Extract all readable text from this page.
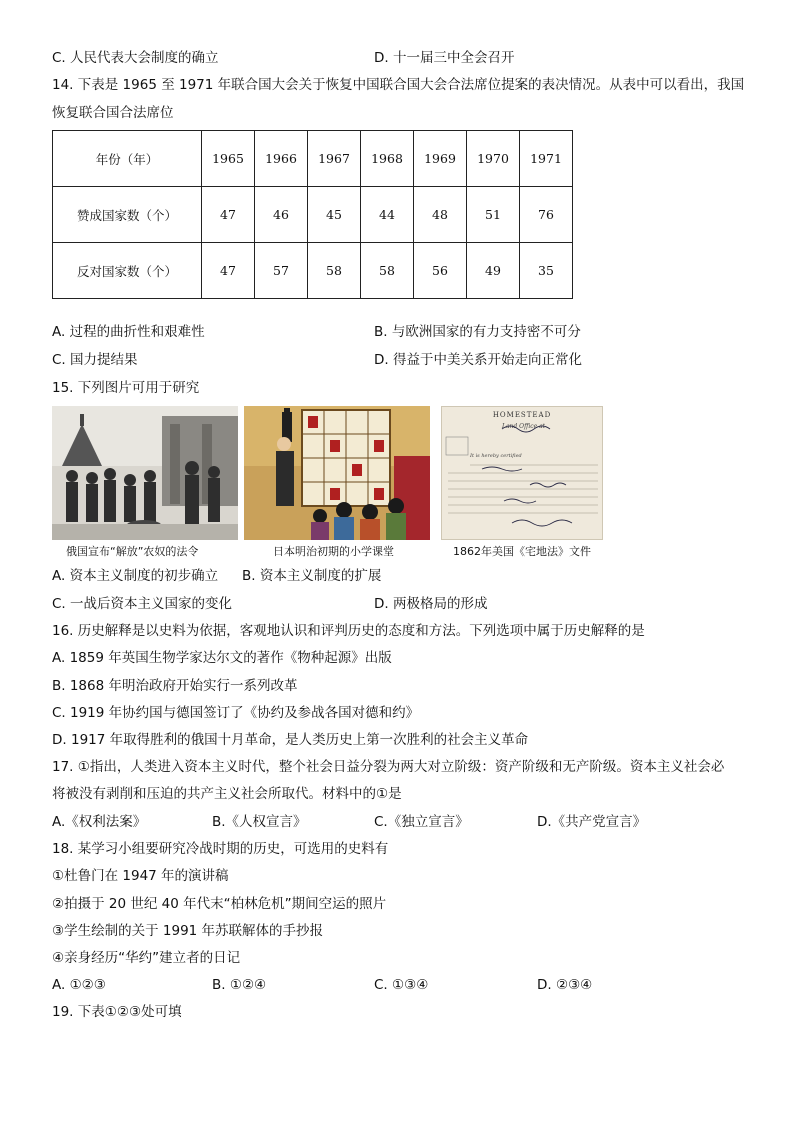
C. 人民代表大会制度的确立	D. 十一届三中全会召开
14. 下表是 1965 至 1971 年联合国大会关于恢复中国联合国大会合法席位提案的表决情况。从表中可以看出，我国
恢复联合国合法席位
年份（年）	1965	1966	1967	1968	1969	1970	1971
赞成国家数（个）	47	46	45	44	48	51	76
反对国家数（个）	47	57	58	58	56	49	35
A. 过程的曲折性和艰难性	B. 与欧洲国家的有力支持密不可分
C. 国力提结果	D. 得益于中美关系开始走向正常化
15. 下列图片可用于研究
HOMESTEAD
Land Office at
It is hereby certified
俄国宣布“解放”农奴的法令	日本明治初期的小学课堂	1862年美国《宅地法》文件
A. 资本主义制度的初步确立 B. 资本主义制度的扩展
C. 一战后资本主义国家的变化	D. 两极格局的形成
16. 历史解释是以史料为依据，客观地认识和评判历史的态度和方法。下列选项中属于历史解释的是
A. 1859 年英国生物学家达尔文的著作《物种起源》出版
B. 1868 年明治政府开始实行一系列改革
C. 1919 年协约国与德国签订了《协约及参战各国对德和约》
D. 1917 年取得胜利的俄国十月革命，是人类历史上第一次胜利的社会主义革命
17. ①指出，人类进入资本主义时代，整个社会日益分裂为两大对立阶级：资产阶级和无产阶级。资本主义社会必
将被没有剥削和压迫的共产主义社会所取代。材料中的①是
A.《权利法案》	B.《人权宣言》	C.《独立宣言》	D.《共产党宣言》
18. 某学习小组要研究冷战时期的历史，可选用的史料有
①杜鲁门在 1947 年的演讲稿
②拍摄于 20 世纪 40 年代末“柏林危机”期间空运的照片
③学生绘制的关于 1991 年苏联解体的手抄报
④亲身经历“华约”建立者的日记
A. ①②③	B. ①②④	C. ①③④	D. ②③④
19. 下表①②③处可填
